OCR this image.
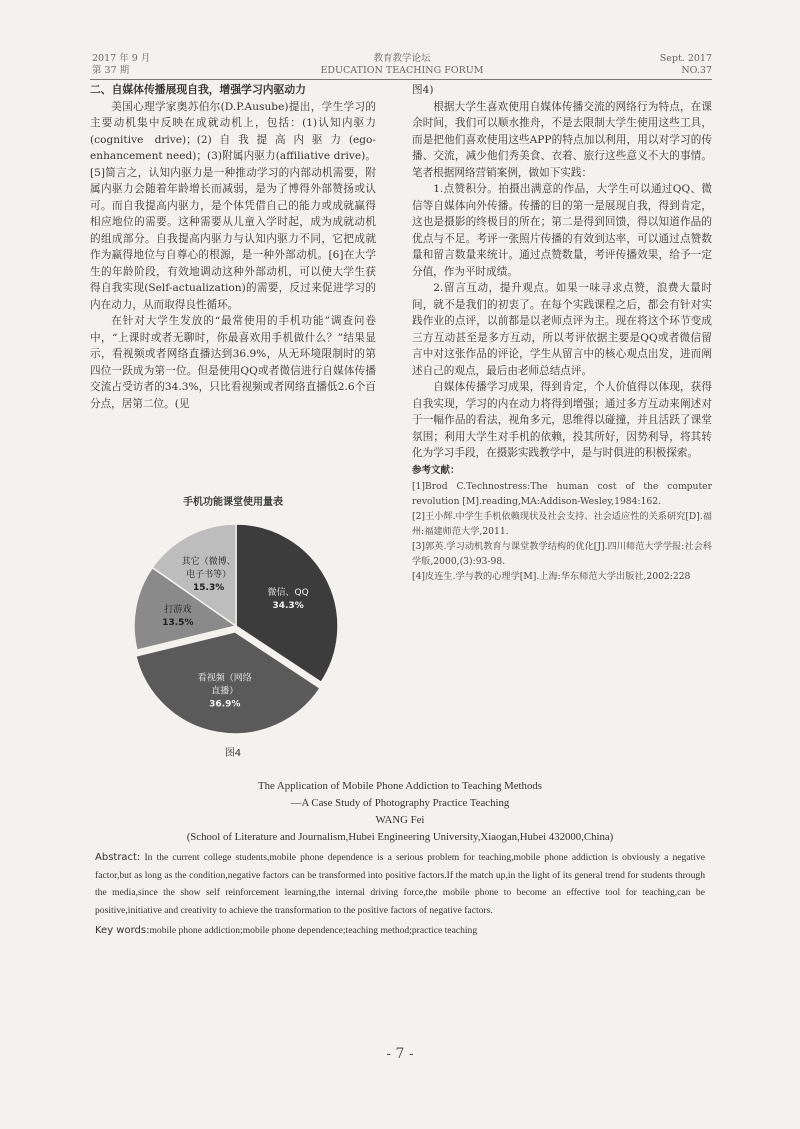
2017 年 9 月
第 37 期
教育教学论坛
EDUCATION TEACHING FORUM
Sept. 2017
NO.37

二、自媒体传播展现自我，增强学习内驱动力

美国心理学家奥苏伯尔(D.P.Ausube)提出，学生学习的主要动机集中反映在成就动机上，包括：(1)认知内驱力(cognitive drive)；(2)自我提高内驱力(ego-enhancement need)；(3)附属内驱力(affiliative drive)。[5]简言之，认知内驱力是一种推动学习的内部动机需要，附属内驱力会随着年龄增长而减弱，是为了博得外部赞扬或认可。而自我提高内驱力，是个体凭借自己的能力或成就赢得相应地位的需要。这种需要从儿童入学时起，成为成就动机的组成部分。自我提高内驱力与认知内驱力不同，它把成就作为赢得地位与自尊心的根源，是一种外部动机。[6]在大学生的年龄阶段，有效地调动这种外部动机，可以使大学生获得自我实现(Self-actualization)的需要，反过来促进学习的内在动力，从而取得良性循环。

在针对大学生发放的“最常使用的手机功能”调查问卷中，“上课时或者无聊时，你最喜欢用手机做什么？”结果显示，看视频或者网络直播达到36.9%，从无环境限制时的第四位一跃成为第一位。但是使用QQ或者微信进行自媒体传播交流占受访者的34.3%，只比看视频或者网络直播低2.6个百分点，居第二位。(见

手机功能课堂使用量表
微信、QQ
34.3%
看视频（网络
直播）
36.9%
打游戏
13.5%
其它（微博、
电子书等）
15.3%
图4

图4)

根据大学生喜欢使用自媒体传播交流的网络行为特点，在课余时间，我们可以顺水推舟，不是去限制大学生使用这些工具，而是把他们喜欢使用这些APP的特点加以利用，用以对学习的传播、交流，减少他们秀美食、衣着、旅行这些意义不大的事情。笔者根据网络营销案例，做如下实践：

1.点赞积分。拍摄出满意的作品，大学生可以通过QQ、微信等自媒体向外传播。传播的目的第一是展现自我，得到肯定，这也是摄影的终极目的所在；第二是得到回馈，得以知道作品的优点与不足。考评一张照片传播的有效到达率，可以通过点赞数量和留言数量来统计。通过点赞数量，考评传播效果，给予一定分值，作为平时成绩。

2.留言互动，提升观点。如果一味寻求点赞，浪费大量时间，就不是我们的初衷了。在每个实践课程之后，都会有针对实践作业的点评，以前都是以老师点评为主。现在将这个环节变成三方互动甚至是多方互动，所以考评依据主要是QQ或者微信留言中对这张作品的评论，学生从留言中的核心观点出发，进而阐述自己的观点，最后由老师总结点评。

自媒体传播学习成果，得到肯定，个人价值得以体现，获得自我实现，学习的内在动力将得到增强；通过多方互动来阐述对于一幅作品的看法，视角多元，思维得以碰撞，并且活跃了课堂氛围；利用大学生对手机的依赖，投其所好，因势利导，将其转化为学习手段，在摄影实践教学中，是与时俱进的积极探索。

参考文献：

[1]Brod C.Technostress:The human cost of the computer revolution [M].reading,MA:Addison-Wesley,1984:162.

[2]王小辉.中学生手机依赖现状及社会支持、社会适应性的关系研究[D].福州:福建师范大学,2011.

[3]郭英.学习动机教育与课堂教学结构的优化[J].四川师范大学学报:社会科学版,2000,(3):93-98.

[4]皮连生.学与教的心理学[M].上海:华东师范大学出版社,2002:228

The Application of Mobile Phone Addiction to Teaching Methods
—A Case Study of Photography Practice Teaching
WANG Fei
(School of Literature and Journalism,Hubei Engineering University,Xiaogan,Hubei 432000,China)
Abstract: In the current college students,mobile phone dependence is a serious problem for teaching,mobile phone addiction is obviously a negative factor,but as long as the condition,negative factors can be transformed into positive factors.If the match up,in the light of its general trend for students through the media,since the show self reinforcement learning,the internal driving force,the mobile phone to become an effective tool for teaching,can be positive,initiative and creativity to achieve the transformation to the positive factors of negative factors.
Key words:mobile phone addiction;mobile phone dependence;teaching method;practice teaching
- 7 -
